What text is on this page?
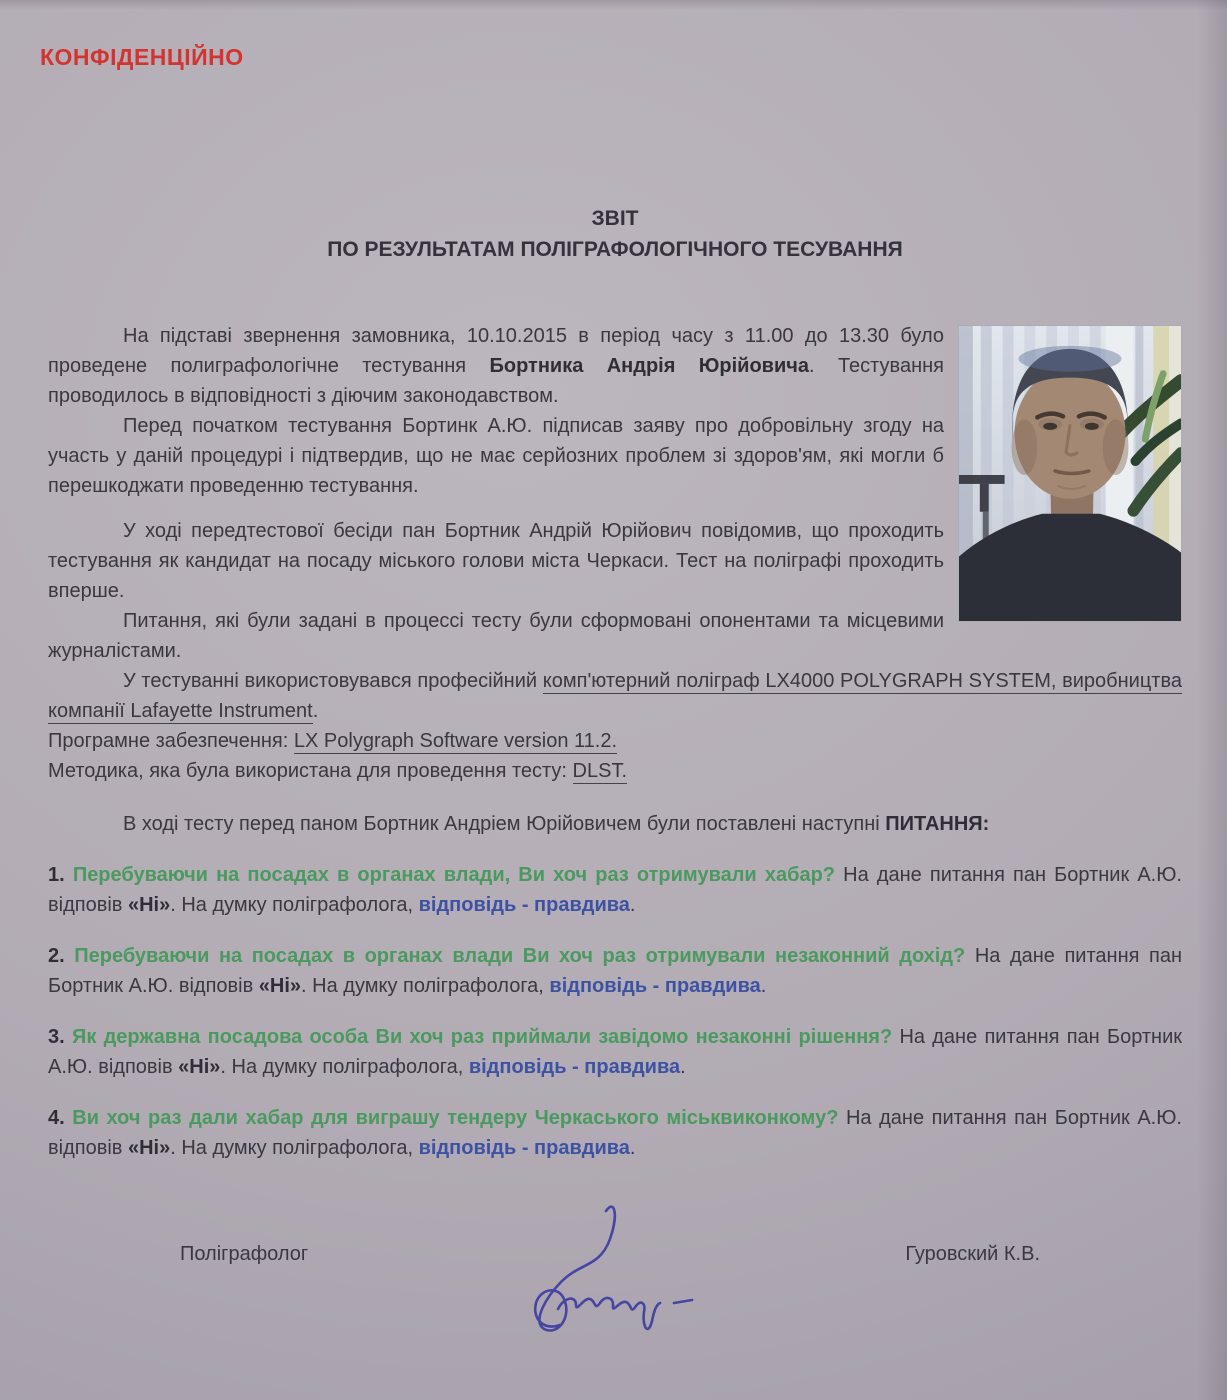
КОНФІДЕНЦІЙНО
ЗВІТ
ПО РЕЗУЛЬТАТАМ ПОЛІГРАФОЛОГІЧНОГО ТЕСУВАННЯ

На підставі звернення замовника, 10.10.2015 в період часу з 11.00 до 13.30 було проведене полиграфологічне тестування Бортника Андрія Юрійовича. Тестування проводилось в відповідності з діючим законодавством.

Перед початком тестування Бортинк А.Ю. підписав заяву про добровільну згоду на участь у даній процедурі і підтвердив, що не має серйозних проблем зі здоров'ям, які могли б перешкоджати проведенню тестування.

У ході передтестової бесіди пан Бортник Андрій Юрійович повідомив, що проходить тестування як кандидат на посаду міського голови міста Черкаси. Тест на поліграфі проходить вперше.

Питання, які були задані в процессі тесту були сформовані опонентами та місцевими журналістами.

У тестуванні використовувався професійний комп'ютерний поліграф LX4000 POLYGRAPH SYSTEM, виробництва компанії Lafayette Instrument.

Програмне забезпечення: LX Polygraph Software version 11.2.

Методика, яка була використана для проведення тесту: DLST.

В ході тесту перед паном Бортник Андріем Юрійовичем були поставлені наступні ПИТАННЯ:

1. Перебуваючи на посадах в органах влади, Ви хоч раз отримували хабар? На дане питання пан Бортник А.Ю. відповів «Ні». На думку поліграфолога, відповідь - правдива.

2. Перебуваючи на посадах в органах влади Ви хоч раз отримували незаконний дохід? На дане питання пан Бортник А.Ю. відповів «Ні». На думку поліграфолога, відповідь - правдива.

3. Як державна посадова особа Ви хоч раз приймали завідомо незаконні рішення? На дане питання пан Бортник А.Ю. відповів «Ні». На думку поліграфолога, відповідь - правдива.

4. Ви хоч раз дали хабар для виграшу тендеру Черкаського міськвиконкому? На дане питання пан Бортник А.Ю. відповів «Ні». На думку поліграфолога, відповідь - правдива.

Поліграфолог	Гуровский К.В.
